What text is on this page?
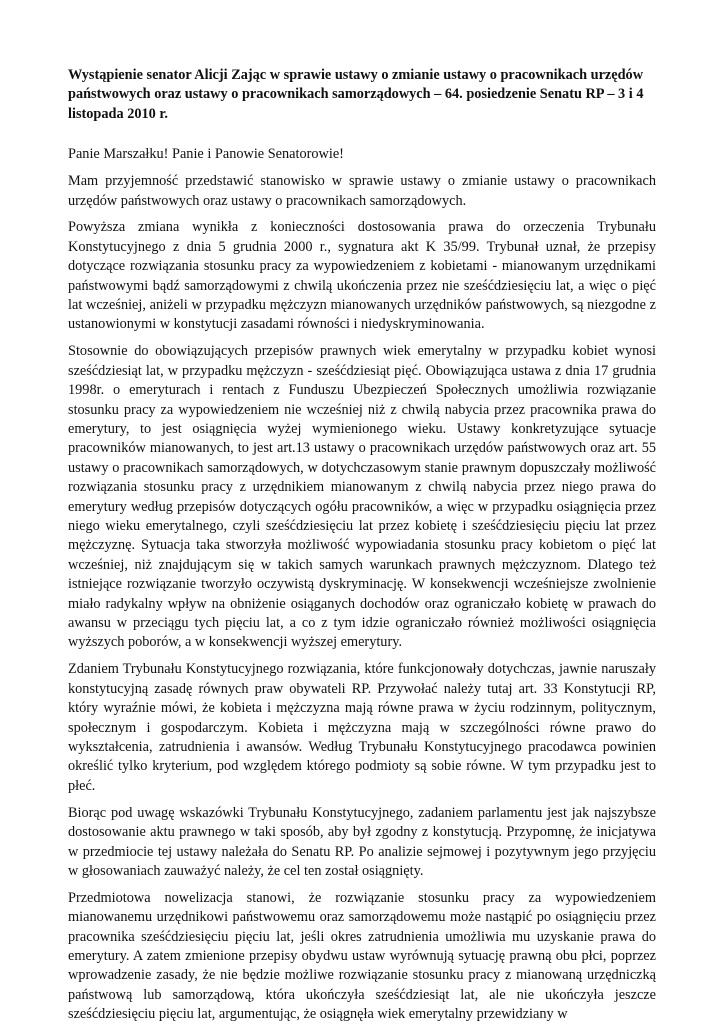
Wystąpienie senator Alicji Zając w sprawie ustawy o zmianie ustawy o pracownikach urzędów państwowych oraz ustawy o pracownikach samorządowych – 64. posiedzenie Senatu RP – 3 i 4 listopada 2010 r.

Panie Marszałku! Panie i Panowie Senatorowie!

Mam przyjemność przedstawić stanowisko w sprawie ustawy o zmianie ustawy o pracownikach urzędów państwowych oraz ustawy o pracownikach samorządowych.

Powyższa zmiana wynikła z konieczności dostosowania prawa do orzeczenia Trybunału Konstytucyjnego z dnia 5 grudnia 2000 r., sygnatura akt K 35/99. Trybunał uznał, że przepisy dotyczące rozwiązania stosunku pracy za wypowiedzeniem z kobietami - mianowanym urzędnikami państwowymi bądź samorządowymi z chwilą ukończenia przez nie sześćdziesięciu lat, a więc o pięć lat wcześniej, aniżeli w przypadku mężczyzn mianowanych urzędników państwowych, są niezgodne z ustanowionymi w konstytucji zasadami równości i niedyskryminowania.

Stosownie do obowiązujących przepisów prawnych wiek emerytalny w przypadku kobiet wynosi sześćdziesiąt lat, w przypadku mężczyzn - sześćdziesiąt pięć. Obowiązująca ustawa z dnia 17 grudnia 1998r. o emeryturach i rentach z Funduszu Ubezpieczeń Społecznych umożliwia rozwiązanie stosunku pracy za wypowiedzeniem nie wcześniej niż z chwilą nabycia przez pracownika prawa do emerytury, to jest osiągnięcia wyżej wymienionego wieku. Ustawy konkretyzujące sytuacje pracowników mianowanych, to jest art.13 ustawy o pracownikach urzędów państwowych oraz art. 55 ustawy o pracownikach samorządowych, w dotychczasowym stanie prawnym dopuszczały możliwość rozwiązania stosunku pracy z urzędnikiem mianowanym z chwilą nabycia przez niego prawa do emerytury według przepisów dotyczących ogółu pracowników, a więc w przypadku osiągnięcia przez niego wieku emerytalnego, czyli sześćdziesięciu lat przez kobietę i sześćdziesięciu pięciu lat przez mężczyznę. Sytuacja taka stworzyła możliwość wypowiadania stosunku pracy kobietom o pięć lat wcześniej, niż znajdującym się w takich samych warunkach prawnych mężczyznom. Dlatego też istniejące rozwiązanie tworzyło oczywistą dyskryminację. W konsekwencji wcześniejsze zwolnienie miało radykalny wpływ na obniżenie osiąganych dochodów oraz ograniczało kobietę w prawach do awansu w przeciągu tych pięciu lat, a co z tym idzie ograniczało również możliwości osiągnięcia wyższych poborów, a w konsekwencji wyższej emerytury.

Zdaniem Trybunału Konstytucyjnego rozwiązania, które funkcjonowały dotychczas, jawnie naruszały konstytucyjną zasadę równych praw obywateli RP. Przywołać należy tutaj art. 33 Konstytucji RP, który wyraźnie mówi, że kobieta i mężczyzna mają równe prawa w życiu rodzinnym, politycznym, społecznym i gospodarczym. Kobieta i mężczyzna mają w szczególności równe prawo do wykształcenia, zatrudnienia i awansów. Według Trybunału Konstytucyjnego pracodawca powinien określić tylko kryterium, pod względem którego podmioty są sobie równe. W tym przypadku jest to płeć.

Biorąc pod uwagę wskazówki Trybunału Konstytucyjnego, zadaniem parlamentu jest jak najszybsze dostosowanie aktu prawnego w taki sposób, aby był zgodny z konstytucją. Przypomnę, że inicjatywa w przedmiocie tej ustawy należała do Senatu RP. Po analizie sejmowej i pozytywnym jego przyjęciu w głosowaniach zauważyć należy, że cel ten został osiągnięty.

Przedmiotowa nowelizacja stanowi, że rozwiązanie stosunku pracy za wypowiedzeniem mianowanemu urzędnikowi państwowemu oraz samorządowemu może nastąpić po osiągnięciu przez pracownika sześćdziesięciu pięciu lat, jeśli okres zatrudnienia umożliwia mu uzyskanie prawa do emerytury. A zatem zmienione przepisy obydwu ustaw wyrównują sytuację prawną obu płci, poprzez wprowadzenie zasady, że nie będzie możliwe rozwiązanie stosunku pracy z mianowaną urzędniczką państwową lub samorządową, która ukończyła sześćdziesiąt lat, ale nie ukończyła jeszcze sześćdziesięciu pięciu lat, argumentując, że osiągnęła wiek emerytalny przewidziany w
